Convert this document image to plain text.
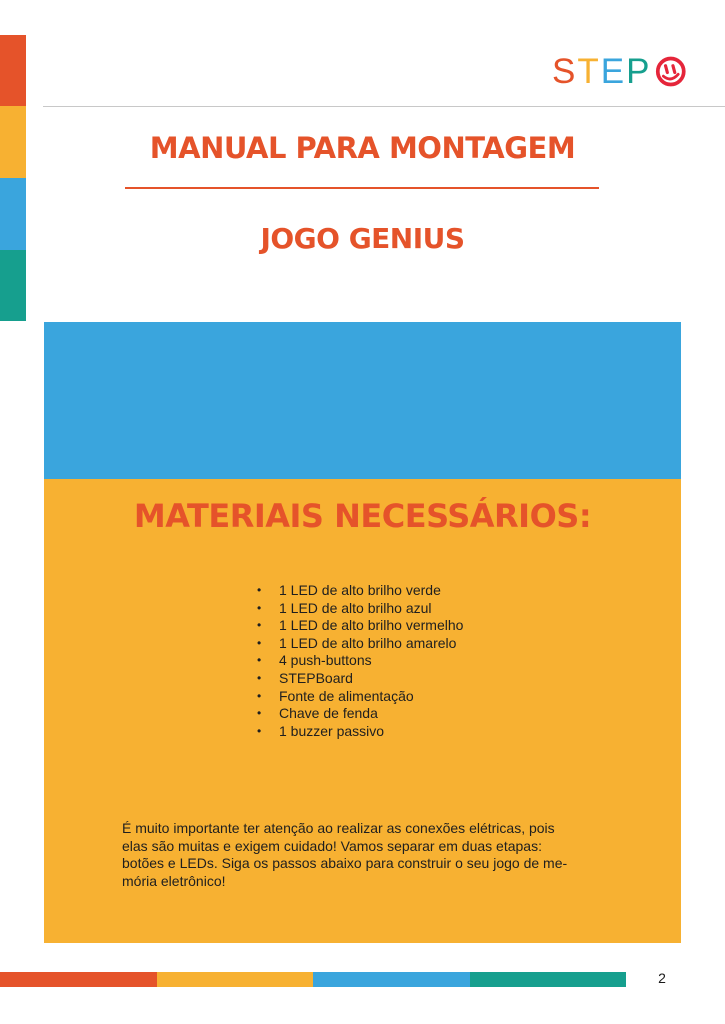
S T E P
MANUAL PARA MONTAGEM
JOGO GENIUS
MATERIAIS NECESSÁRIOS:
•	1 LED de alto brilho verde
•	1 LED de alto brilho azul
•	1 LED de alto brilho vermelho
•	1 LED de alto brilho amarelo
•	4 push-buttons
•	STEPBoard
•	Fonte de alimentação
•	Chave de fenda
•	1 buzzer passivo
É muito importante ter atenção ao realizar as conexões elétricas, pois
elas são muitas e exigem cuidado! Vamos separar em duas etapas:
botões e LEDs. Siga os passos abaixo para construir o seu jogo de me-
mória eletrônico!
2
